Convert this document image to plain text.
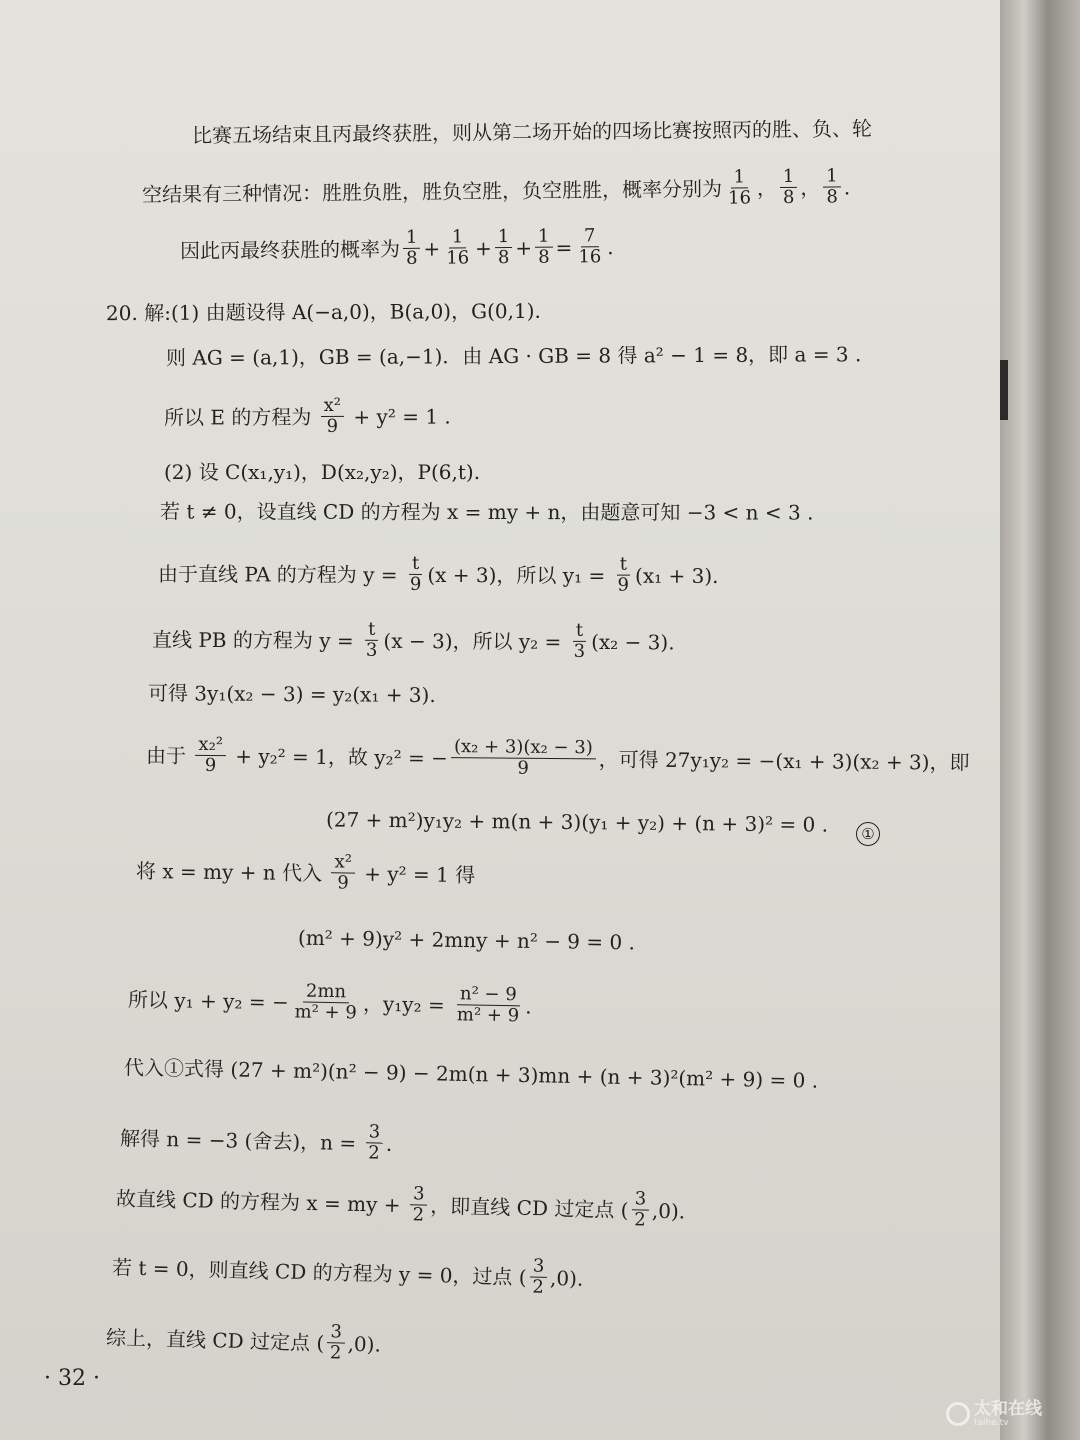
比赛五场结束且丙最终获胜，则从第二场开始的四场比赛按照丙的胜、负、轮
空结果有三种情况：胜胜负胜，胜负空胜，负空胜胜，概率分别为 $\frac{1}{16}$ ， $\frac{1}{8}$ ， $\frac{1}{8}$ .
因此丙最终获胜的概率为 $\frac{1}{8} + \frac{1}{16} + \frac{1}{8} + \frac{1}{8} = \frac{7}{16}$ .
20. 解:(1) 由题设得 A(−a,0)，B(a,0)，G(0,1).
则 AG = (a,1)，GB = (a,−1)．由 AG · GB = 8 得 a² − 1 = 8，即 a = 3 .
所以 E 的方程为 $\frac{\text{x²}}{9} + y^2 = 1$ .
(2) 设 C(x₁,y₁)，D(x₂,y₂)，P(6,t).
若 t ≠ 0，设直线 CD 的方程为 x = my + n，由题意可知 −3 < n < 3 .
由于直线 PA 的方程为 $y = \frac{t}{9} (x + 3)$，所以 $y_1 = \frac{t}{9} (x_1 + 3)$.
直线 PB 的方程为 $y = \frac{t}{3} (x - 3)$，所以 $y_2 = \frac{t}{3} (x_2 - 3)$.
可得 3y₁(x₂ − 3) = y₂(x₁ + 3).
由于 $\frac{\text{x₂²}}{9} + y_2^2 = 1$，故 y₂² = − $\frac{\text{(x₂ + 3)(x₂ − 3)}}{9}$ ，可得 27y₁y₂ = −(x₁ + 3)(x₂ + 3)，即
(27 + m²)y₁y₂ + m(n + 3)(y₁ + y₂) + (n + 3)² = 0 .
将 x = my + n 代入 $\frac{\text{x²}}{9} + y^2 = 1$ 得
(m² + 9)y² + 2mny + n² − 9 = 0 .
所以 y₁ + y₂ = − $\frac{2mn}{\text{m² + 9}}$ ，$y_1y_2 = \frac{\text{n² − 9}}{\text{m² + 9}}$ .
代入①式得 (27 + m²)(n² − 9) − 2m(n + 3)mn + (n + 3)²(m² + 9) = 0 .
解得 n = −3 (舍去)，$n = \frac{3}{2}$ .
故直线 CD 的方程为 x = my + $\frac{3}{2}$ ，即直线 CD 过定点 ( $\frac{3}{2} ,0$).
若 t = 0，则直线 CD 的方程为 y = 0，过点 ( $\frac{3}{2} ,0$).
综上，直线 CD 过定点 ( $\frac{3}{2} ,0$).
①
· 32 ·
太和在线
taihe.tv
